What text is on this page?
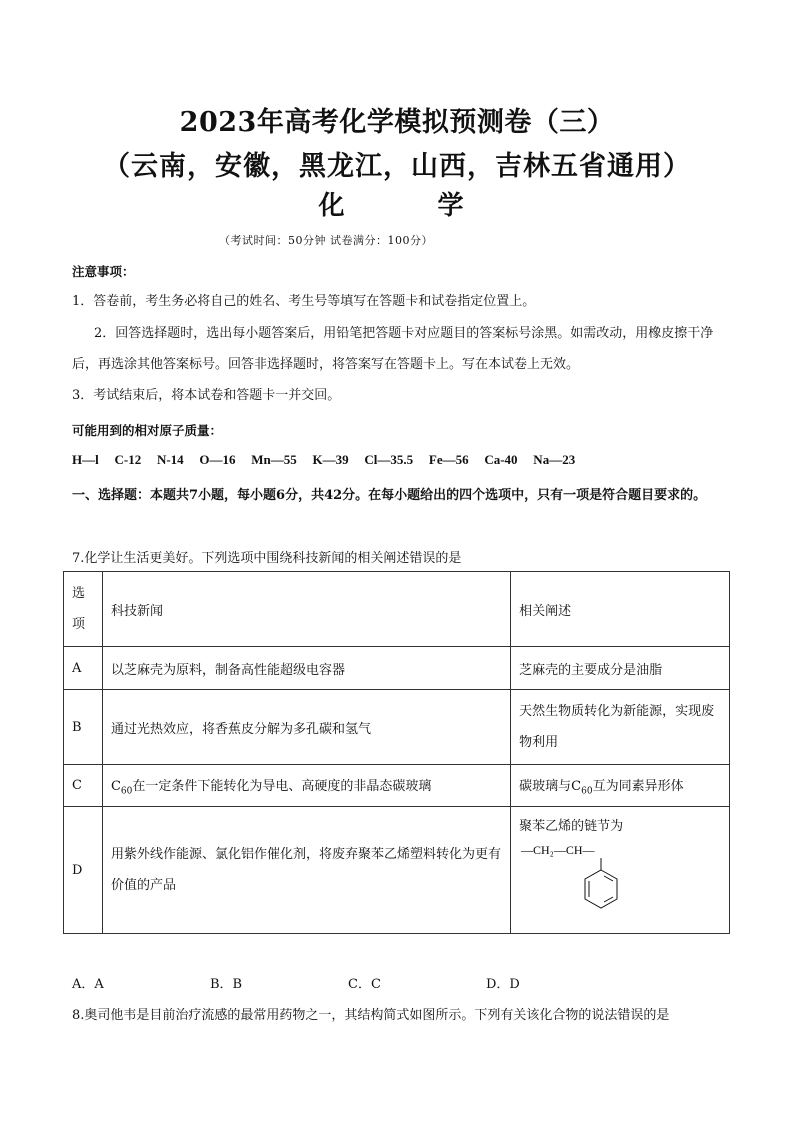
2023年高考化学模拟预测卷（三）
（云南，安徽，黑龙江，山西，吉林五省通用）
化 学
（考试时间：50分钟 试卷满分：100分）
注意事项：
1．答卷前，考生务必将自己的姓名、考生号等填写在答题卡和试卷指定位置上。
2．回答选择题时，选出每小题答案后，用铅笔把答题卡对应题目的答案标号涂黑。如需改动，用橡皮擦干净后，再选涂其他答案标号。回答非选择题时，将答案写在答题卡上。写在本试卷上无效。
3．考试结束后，将本试卷和答题卡一并交回。
可能用到的相对原子质量：
H—l   C-12   N-14   O—16   Mn—55   K—39   Cl—35.5   Fe—56   Ca-40   Na—23
一、选择题：本题共7小题，每小题6分，共42分。在每小题给出的四个选项中，只有一项是符合题目要求的。
7.化学让生活更美好。下列选项中围绕科技新闻的相关阐述错误的是
选项	科技新闻	相关阐述
A	以芝麻壳为原料，制备高性能超级电容器	芝麻壳的主要成分是油脂
B	通过光热效应，将香蕉皮分解为多孔碳和氢气	天然生物质转化为新能源，实现废物利用
C	$C_{60}$在一定条件下能转化为导电、高硬度的非晶态碳玻璃	碳玻璃与$C_{60}$互为同素异形体
D	用紫外线作能源、氯化铝作催化剂，将废弃聚苯乙烯塑料转化为更有价值的产品	聚苯乙烯的链节为
—CH₂—CH—
A．A	B．B	C．C	D．D
8.奥司他韦是目前治疗流感的最常用药物之一，其结构简式如图所示。下列有关该化合物的说法错误的是
